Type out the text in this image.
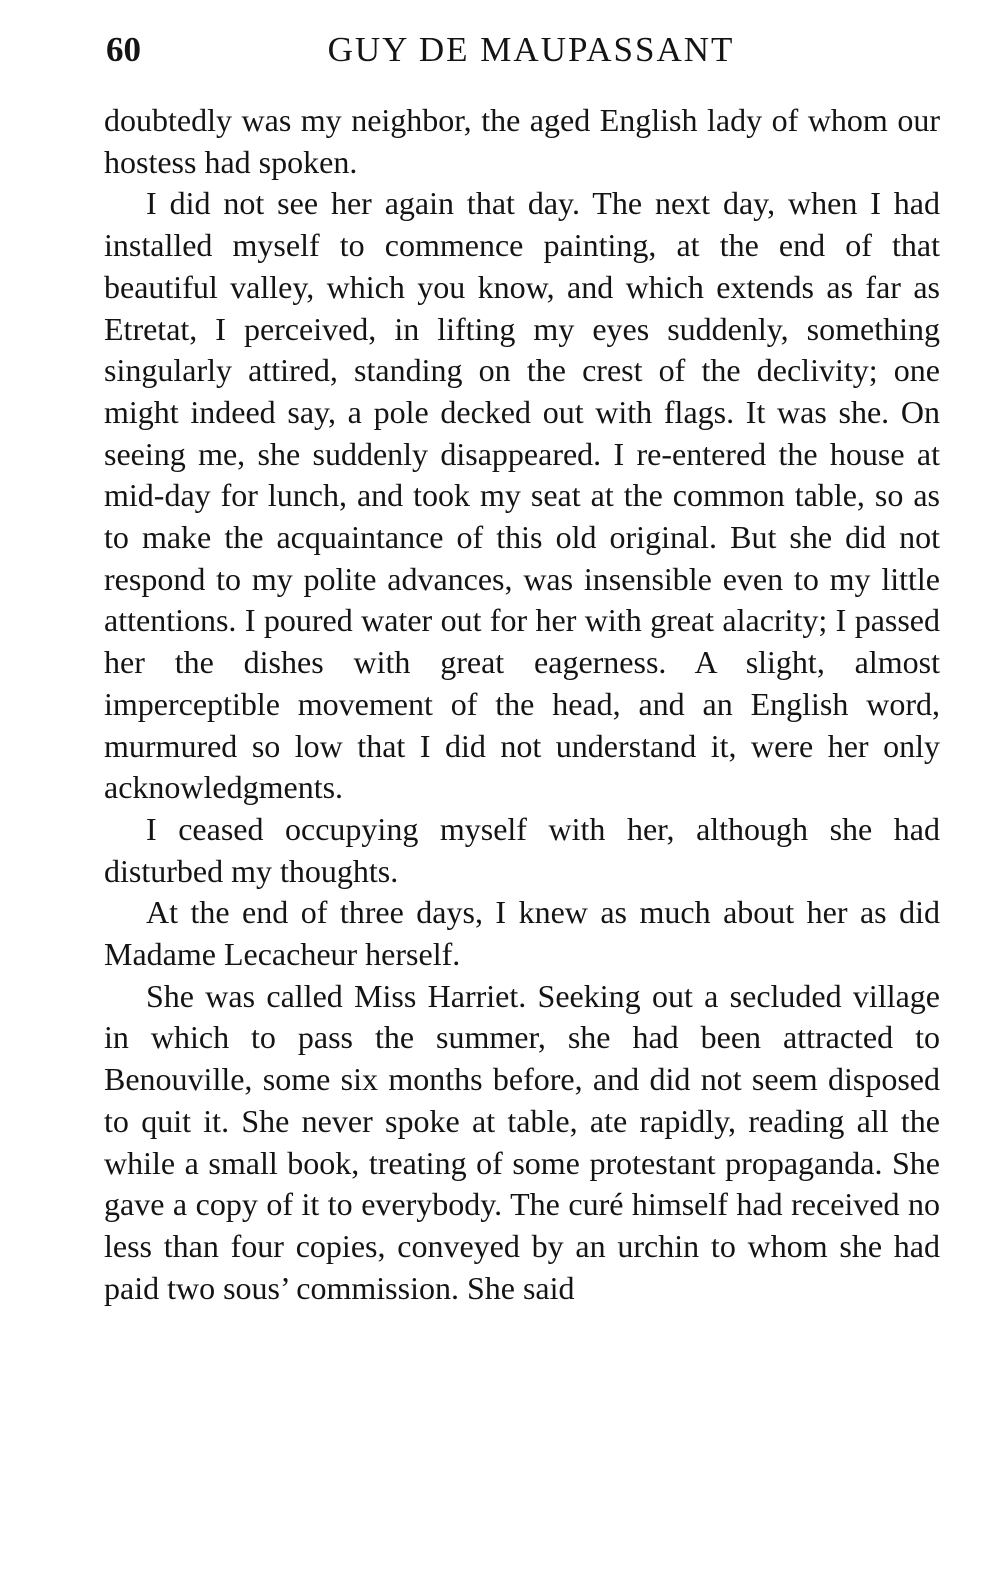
60	GUY DE MAUPASSANT

doubtedly was my neighbor, the aged English lady of whom our hostess had spoken.

I did not see her again that day. The next day, when I had installed myself to commence painting, at the end of that beautiful valley, which you know, and which extends as far as Etretat, I perceived, in lifting my eyes suddenly, something singularly attired, standing on the crest of the declivity; one might indeed say, a pole decked out with flags. It was she. On seeing me, she suddenly disappeared. I re-entered the house at mid-day for lunch, and took my seat at the common table, so as to make the acquaintance of this old original. But she did not respond to my polite advances, was insensible even to my little attentions. I poured water out for her with great alacrity; I passed her the dishes with great eagerness. A slight, almost imperceptible movement of the head, and an English word, murmured so low that I did not understand it, were her only acknowledgments.

I ceased occupying myself with her, although she had disturbed my thoughts.

At the end of three days, I knew as much about her as did Madame Lecacheur herself.

She was called Miss Harriet. Seeking out a secluded village in which to pass the summer, she had been attracted to Benouville, some six months before, and did not seem disposed to quit it. She never spoke at table, ate rapidly, reading all the while a small book, treating of some protestant propaganda. She gave a copy of it to everybody. The curé himself had received no less than four copies, conveyed by an urchin to whom she had paid two sous’ commission. She said
